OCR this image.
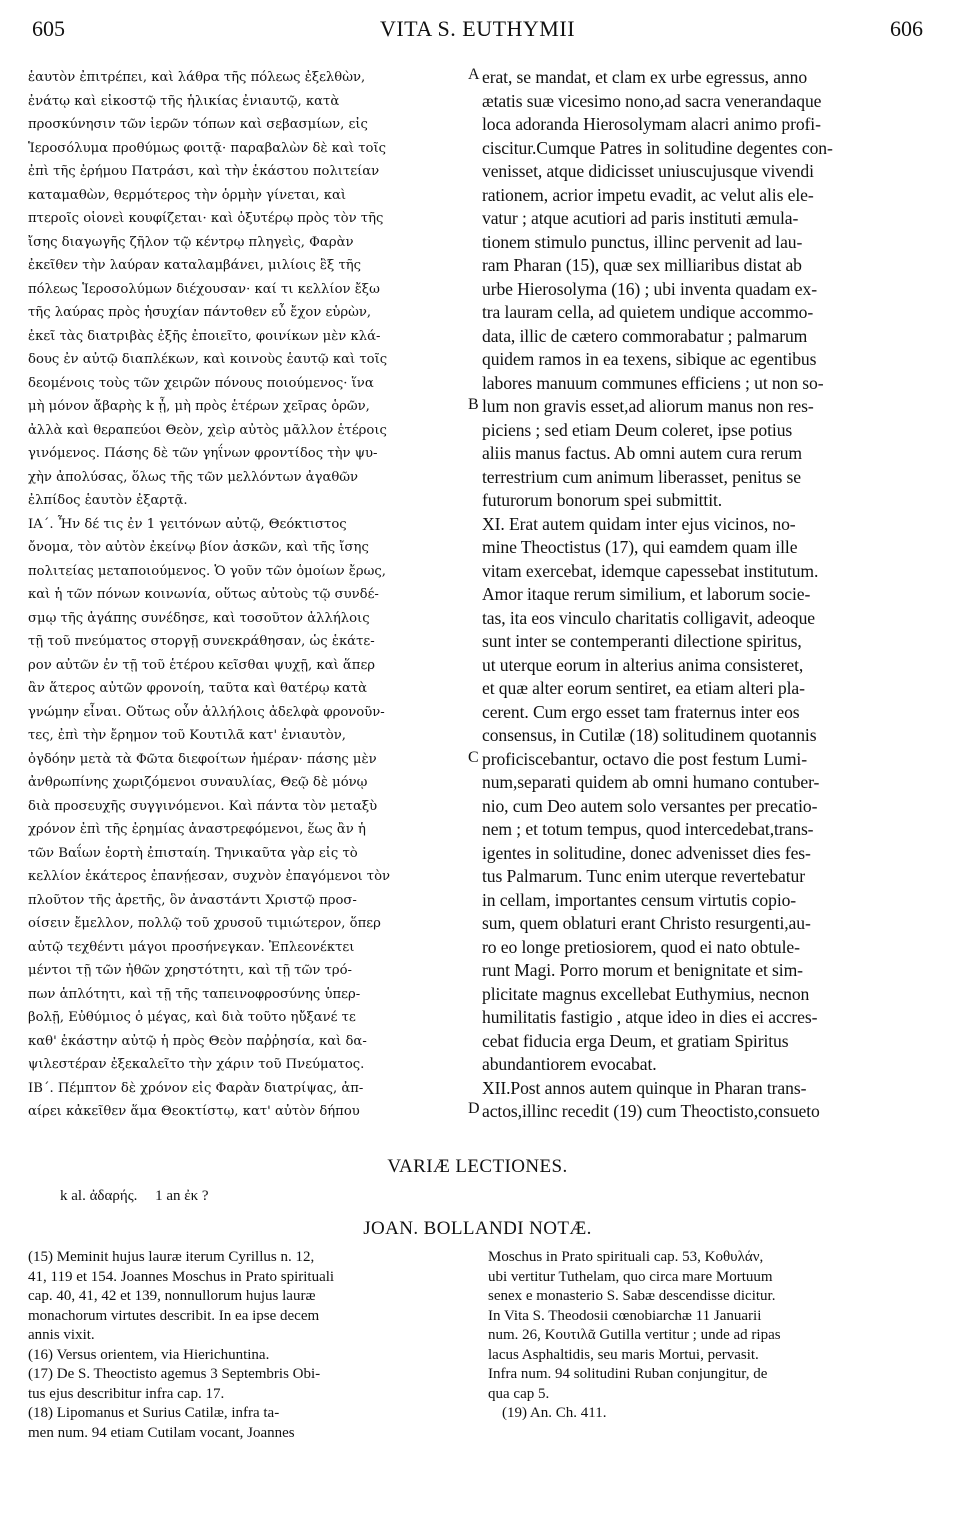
605	VITA S. EUTHYMII	606
ἑαυτὸν ἐπιτρέπει, καὶ λάθρα τῆς πόλεως ἐξελθὼν,
ἐνάτῳ καὶ εἰκοστῷ τῆς ἡλικίας ἐνιαυτῷ, κατὰ
προσκύνησιν τῶν ἱερῶν τόπων καὶ σεβασμίων, εἰς
Ἱεροσόλυμα προθύμως φοιτᾷ· παραβαλὼν δὲ καὶ τοῖς
ἐπὶ τῆς ἐρήμου Πατράσι, καὶ τὴν ἑκάστου πολιτείαν
καταμαθὼν, θερμότερος τὴν ὁρμὴν γίνεται, καὶ
πτεροῖς οἱονεὶ κουφίζεται· καὶ ὀξυτέρῳ πρὸς τὸν τῆς
ἴσης διαγωγῆς ζῆλον τῷ κέντρῳ πληγεὶς, Φαρὰν
ἐκεῖθεν τὴν λαύραν καταλαμβάνει, μιλίοις ἓξ τῆς
πόλεως Ἱεροσολύμων διέχουσαν· καί τι κελλίον ἔξω
τῆς λαύρας πρὸς ἡσυχίαν πάντοθεν εὖ ἔχον εὑρὼν,
ἐκεῖ τὰς διατριβὰς ἐξῆς ἐποιεῖτο, φοινίκων μὲν κλά-
δους ἐν αὐτῷ διαπλέκων, καὶ κοινοὺς ἑαυτῷ καὶ τοῖς
δεομένοις τοὺς τῶν χειρῶν πόνους ποιούμενος· ἵνα
μὴ μόνον ἄβαρὴς k ᾖ, μὴ πρὸς ἑτέρων χεῖρας ὁρῶν,
ἀλλὰ καὶ θεραπεύοι Θεὸν, χεὶρ αὐτὸς μᾶλλον ἑτέροις
γινόμενος. Πάσης δὲ τῶν γηΐνων φροντίδος τὴν ψυ-
χὴν ἀπολύσας, ὅλως τῆς τῶν μελλόντων ἀγαθῶν
ἐλπίδος ἑαυτὸν ἐξαρτᾷ.
ΙΑ΄. Ἦν δέ τις ἐν 1 γειτόνων αὐτῷ, Θεόκτιστος
ὄνομα, τὸν αὐτὸν ἐκείνῳ βίον ἀσκῶν, καὶ τῆς ἴσης
πολιτείας μεταποιούμενος. Ὁ γοῦν τῶν ὁμοίων ἔρως,
καὶ ἡ τῶν πόνων κοινωνία, οὕτως αὐτοὺς τῷ συνδέ-
σμῳ τῆς ἀγάπης συνέδησε, καὶ τοσοῦτον ἀλλήλοις
τῇ τοῦ πνεύματος στοργῇ συνεκράθησαν, ὡς ἑκάτε-
ρον αὐτῶν ἐν τῇ τοῦ ἑτέρου κεῖσθαι ψυχῇ, καὶ ἅπερ
ἂν ἅτερος αὐτῶν φρονοίη, ταῦτα καὶ θατέρῳ κατὰ
γνώμην εἶναι. Οὕτως οὖν ἀλλήλοις ἀδελφὰ φρονοῦν-
τες, ἐπὶ τὴν ἔρημον τοῦ Κουτιλᾶ κατ' ἐνιαυτὸν,
ὀγδόην μετὰ τὰ Φῶτα διεφοίτων ἡμέραν· πάσης μὲν
ἀνθρωπίνης χωριζόμενοι συναυλίας, Θεῷ δὲ μόνῳ
διὰ προσευχῆς συγγινόμενοι. Καὶ πάντα τὸν μεταξὺ
χρόνον ἐπὶ τῆς ἐρημίας ἀναστρεφόμενοι, ἕως ἂν ἡ
τῶν Βαΐων ἑορτὴ ἐπισταίη. Τηνικαῦτα γὰρ εἰς τὸ
κελλίον ἑκάτερος ἐπανῄεσαν, συχνὸν ἐπαγόμενοι τὸν
πλοῦτον τῆς ἀρετῆς, ὃν ἀναστάντι Χριστῷ προσ-
οίσειν ἔμελλον, πολλῷ τοῦ χρυσοῦ τιμιώτερον, ὅπερ
αὐτῷ τεχθέντι μάγοι προσήνεγκαν. Ἐπλεονέκτει
μέντοι τῇ τῶν ἠθῶν χρηστότητι, καὶ τῇ τῶν τρό-
πων ἁπλότητι, καὶ τῇ τῆς ταπεινοφροσύνης ὑπερ-
βολῇ, Εὐθύμιος ὁ μέγας, καὶ διὰ τοῦτο ηὔξανέ τε
καθ' ἑκάστην αὐτῷ ἡ πρὸς Θεὸν παῤῥησία, καὶ δα-
ψιλεστέραν ἐξεκαλεῖτο τὴν χάριν τοῦ Πνεύματος.
ΙΒ΄. Πέμπτον δὲ χρόνον εἰς Φαρὰν διατρίψας, ἀπ-
αίρει κἀκεῖθεν ἅμα Θεοκτίστῳ, κατ' αὐτὸν δήπου
A
B
C
D
erat, se mandat, et clam ex urbe egressus, anno
ætatis suæ vicesimo nono,ad sacra venerandaque
loca adoranda Hierosolymam alacri animo profi-
ciscitur.Cumque Patres in solitudine degentes con-
venisset, atque didicisset uniuscujusque vivendi
rationem, acrior impetu evadit, ac velut alis ele-
vatur ; atque acutiori ad paris instituti æmula-
tionem stimulo punctus, illinc pervenit ad lau-
ram Pharan (15), quæ sex milliaribus distat ab
urbe Hierosolyma (16) ; ubi inventa quadam ex-
tra lauram cella, ad quietem undique accommo-
data, illic de cætero commorabatur ; palmarum
quidem ramos in ea texens, sibique ac egentibus
labores manuum communes efficiens ; ut non so-
lum non gravis esset,ad aliorum manus non res-
piciens ; sed etiam Deum coleret, ipse potius
aliis manus factus. Ab omni autem cura rerum
terrestrium cum animum liberasset, penitus se
futurorum bonorum spei submittit.
XI. Erat autem quidam inter ejus vicinos, no-
mine Theoctistus (17), qui eamdem quam ille
vitam exercebat, idemque capessebat institutum.
Amor itaque rerum similium, et laborum socie-
tas, ita eos vinculo charitatis colligavit, adeoque
sunt inter se contemperanti dilectione spiritus,
ut uterque eorum in alterius anima consisteret,
et quæ alter eorum sentiret, ea etiam alteri pla-
cerent. Cum ergo esset tam fraternus inter eos
consensus, in Cutilæ (18) solitudinem quotannis
proficiscebantur, octavo die post festum Lumi-
num,separati quidem ab omni humano contuber-
nio, cum Deo autem solo versantes per precatio-
nem ; et totum tempus, quod intercedebat,trans-
igentes in solitudine, donec advenisset dies fes-
tus Palmarum. Tunc enim uterque revertebatur
in cellam, importantes censum virtutis copio-
sum, quem oblaturi erant Christo resurgenti,au-
ro eo longe pretiosiorem, quod ei nato obtule-
runt Magi. Porro morum et benignitate et sim-
plicitate magnus excellebat Euthymius, necnon
humilitatis fastigio , atque ideo in dies ei accres-
cebat fiducia erga Deum, et gratiam Spiritus
abundantiorem evocabat.
XII.Post annos autem quinque in Pharan trans-
actos,illinc recedit (19) cum Theoctisto,consueto
VARIÆ LECTIONES.
k al. ἀδαρής. 1 an ἐκ ?
JOAN. BOLLANDI NOTÆ.
(15) Meminit hujus lauræ iterum Cyrillus n. 12,
41, 119 et 154. Joannes Moschus in Prato spirituali
cap. 40, 41, 42 et 139, nonnullorum hujus lauræ
monachorum virtutes describit. In ea ipse decem
annis vixit.
(16) Versus orientem, via Hierichuntina.
(17) De S. Theoctisto agemus 3 Septembris Obi-
tus ejus describitur infra cap. 17.
(18) Lipomanus et Surius Catilæ, infra ta-
men num. 94 etiam Cutilam vocant, Joannes
Moschus in Prato spirituali cap. 53, Κοθυλάν,
ubi vertitur Tuthelam, quo circa mare Mortuum
senex e monasterio S. Sabæ descendisse dicitur.
In Vita S. Theodosii cœnobiarchæ 11 Januarii
num. 26, Κουτιλᾶ Gutilla vertitur ; unde ad ripas
lacus Asphaltidis, seu maris Mortui, pervasit.
Infra num. 94 solitudini Ruban conjungitur, de
qua cap 5.
(19) An. Ch. 411.
